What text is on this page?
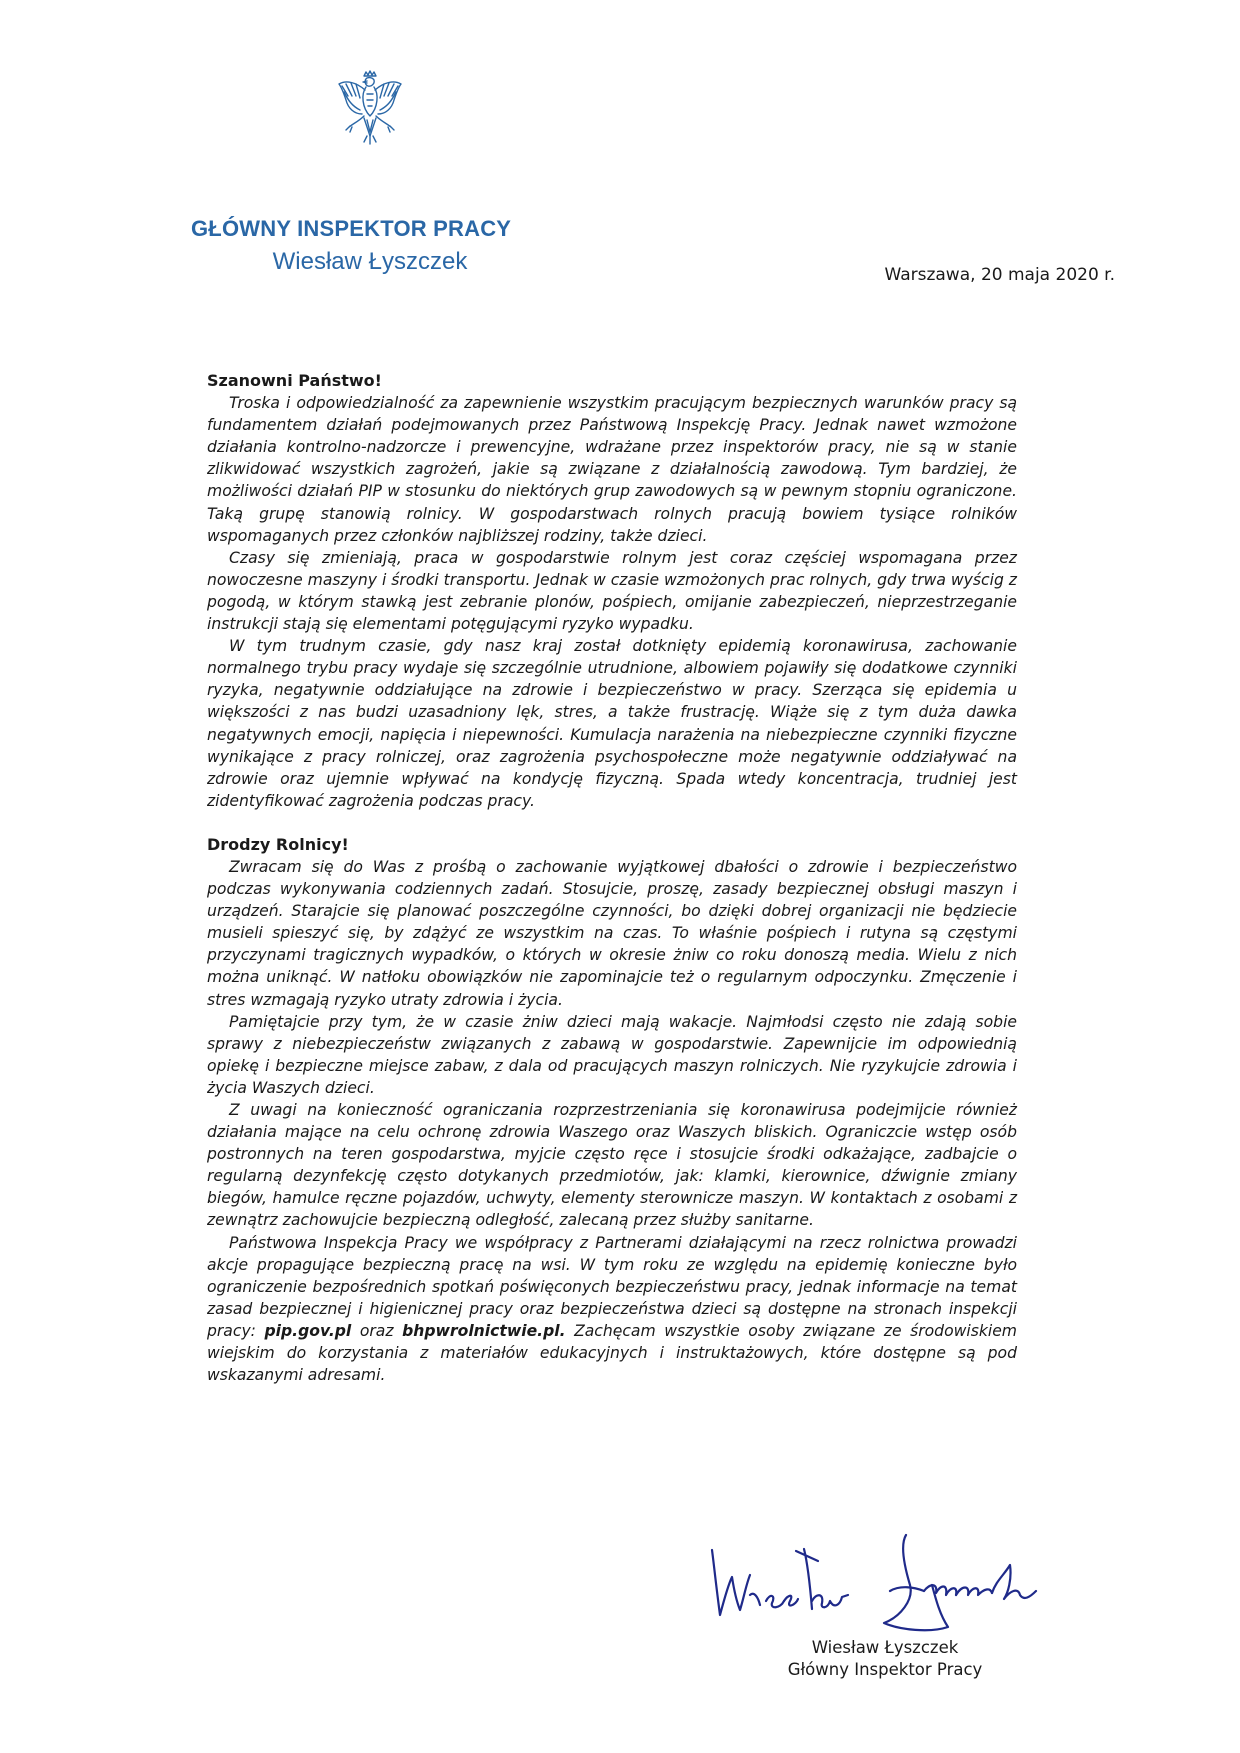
GŁÓWNY INSPEKTOR PRACY
Wiesław Łyszczek	Warszawa, 20 maja 2020 r.

Szanowni Państwo!

Troska i odpowiedzialność za zapewnienie wszystkim pracującym bezpiecznych warunków pracy są fundamentem działań podejmowanych przez Państwową Inspekcję Pracy. Jednak nawet wzmożone działania kontrolno-nadzorcze i prewencyjne, wdrażane przez inspektorów pracy, nie są w stanie zlikwidować wszystkich zagrożeń, jakie są związane z działalnością zawodową. Tym bardziej, że możliwości działań PIP w stosunku do niektórych grup zawodowych są w pewnym stopniu ograniczone. Taką grupę stanowią rolnicy. W gospodarstwach rolnych pracują bowiem tysiące rolników wspomaganych przez członków najbliższej rodziny, także dzieci.

Czasy się zmieniają, praca w gospodarstwie rolnym jest coraz częściej wspomagana przez nowoczesne maszyny i środki transportu. Jednak w czasie wzmożonych prac rolnych, gdy trwa wyścig z pogodą, w którym stawką jest zebranie plonów, pośpiech, omijanie zabezpieczeń, nieprzestrzeganie instrukcji stają się elementami potęgującymi ryzyko wypadku.

W tym trudnym czasie, gdy nasz kraj został dotknięty epidemią koronawirusa, zachowanie normalnego trybu pracy wydaje się szczególnie utrudnione, albowiem pojawiły się dodatkowe czynniki ryzyka, negatywnie oddziałujące na zdrowie i bezpieczeństwo w pracy. Szerząca się epidemia u większości z nas budzi uzasadniony lęk, stres, a także frustrację. Wiąże się z tym duża dawka negatywnych emocji, napięcia i niepewności. Kumulacja narażenia na niebezpieczne czynniki fizyczne wynikające z pracy rolniczej, oraz zagrożenia psychospołeczne może negatywnie oddziaływać na zdrowie oraz ujemnie wpływać na kondycję fizyczną. Spada wtedy koncentracja, trudniej jest zidentyfikować zagrożenia podczas pracy.

Drodzy Rolnicy!

Zwracam się do Was z prośbą o zachowanie wyjątkowej dbałości o zdrowie i bezpieczeństwo podczas wykonywania codziennych zadań. Stosujcie, proszę, zasady bezpiecznej obsługi maszyn i urządzeń. Starajcie się planować poszczególne czynności, bo dzięki dobrej organizacji nie będziecie musieli spieszyć się, by zdążyć ze wszystkim na czas. To właśnie pośpiech i rutyna są częstymi przyczynami tragicznych wypadków, o których w okresie żniw co roku donoszą media. Wielu z nich można uniknąć. W natłoku obowiązków nie zapominajcie też o regularnym odpoczynku. Zmęczenie i stres wzmagają ryzyko utraty zdrowia i życia.

Pamiętajcie przy tym, że w czasie żniw dzieci mają wakacje. Najmłodsi często nie zdają sobie sprawy z niebezpieczeństw związanych z zabawą w gospodarstwie. Zapewnijcie im odpowiednią opiekę i bezpieczne miejsce zabaw, z dala od pracujących maszyn rolniczych. Nie ryzykujcie zdrowia i życia Waszych dzieci.

Z uwagi na konieczność ograniczania rozprzestrzeniania się koronawirusa podejmijcie również działania mające na celu ochronę zdrowia Waszego oraz Waszych bliskich. Ograniczcie wstęp osób postronnych na teren gospodarstwa, myjcie często ręce i stosujcie środki odkażające, zadbajcie o regularną dezynfekcję często dotykanych przedmiotów, jak: klamki, kierownice, dźwignie zmiany biegów, hamulce ręczne pojazdów, uchwyty, elementy sterownicze maszyn. W kontaktach z osobami z zewnątrz zachowujcie bezpieczną odległość, zalecaną przez służby sanitarne.

Państwowa Inspekcja Pracy we współpracy z Partnerami działającymi na rzecz rolnictwa prowadzi akcje propagujące bezpieczną pracę na wsi. W tym roku ze względu na epidemię konieczne było ograniczenie bezpośrednich spotkań poświęconych bezpieczeństwu pracy, jednak informacje na temat zasad bezpiecznej i higienicznej pracy oraz bezpieczeństwa dzieci są dostępne na stronach inspekcji pracy: pip.gov.pl oraz bhpwrolnictwie.pl. Zachęcam wszystkie osoby związane ze środowiskiem wiejskim do korzystania z materiałów edukacyjnych i instruktażowych, które dostępne są pod wskazanymi adresami.

Wiesław Łyszczek
Główny Inspektor Pracy
